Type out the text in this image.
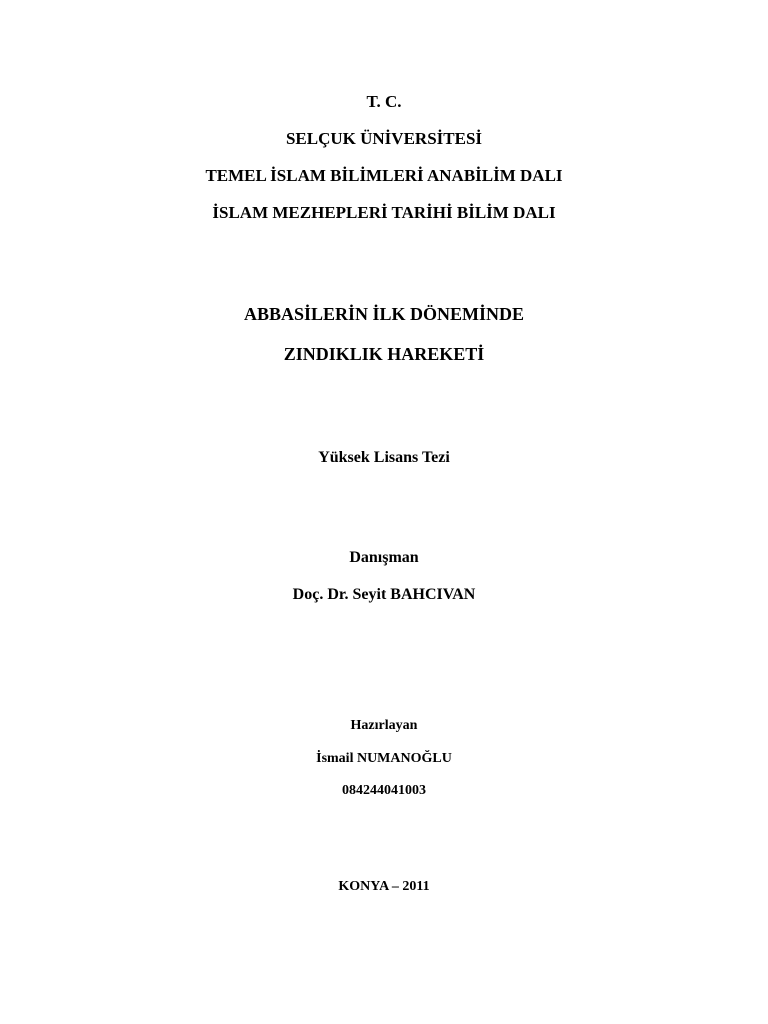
T. C.
SELÇUK ÜNİVERSİTESİ
TEMEL İSLAM BİLİMLERİ ANABİLİM DALI
İSLAM MEZHEPLERİ TARİHİ BİLİM DALI
ABBASİLERİN İLK DÖNEMİNDE
ZINDIKLIK HAREKETİ
Yüksek Lisans Tezi
Danışman
Doç. Dr. Seyit BAHCIVAN
Hazırlayan
İsmail NUMANOĞLU
084244041003
KONYA – 2011
